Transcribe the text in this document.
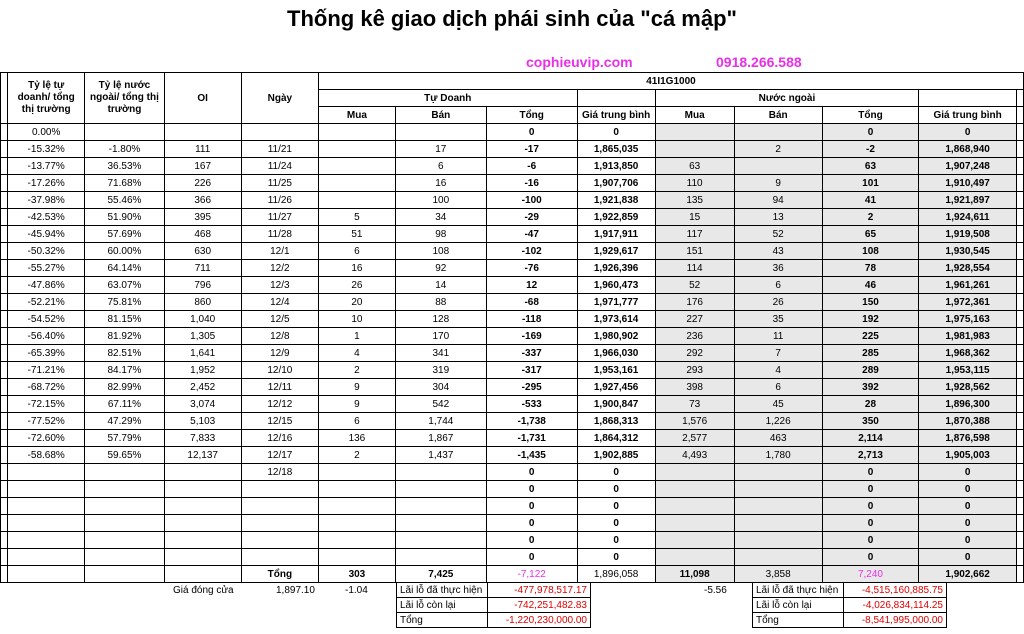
Thống kê giao dịch phái sinh của "cá mập"
cophieuvip.com	0918.266.588
	Tỷ lệ tự doanh/ tổng thị trường	Tỷ lệ nước ngoài/ tổng thị trường	OI	Ngày	41I1G1000								
					Tự Doanh				Nước ngoài				
					Mua	Bán	Tổng	Giá trung bình	Mua	Bán	Tổng	Giá trung bình	
	0.00%						0	0			0	0	
	-15.32%	-1.80%	111	11/21		17	-17	1,865,035		2	-2	1,868,940	
	-13.77%	36.53%	167	11/24		6	-6	1,913,850	63		63	1,907,248	
	-17.26%	71.68%	226	11/25		16	-16	1,907,706	110	9	101	1,910,497	
	-37.98%	55.46%	366	11/26		100	-100	1,921,838	135	94	41	1,921,897	
	-42.53%	51.90%	395	11/27	5	34	-29	1,922,859	15	13	2	1,924,611	
	-45.94%	57.69%	468	11/28	51	98	-47	1,917,911	117	52	65	1,919,508	
	-50.32%	60.00%	630	12/1	6	108	-102	1,929,617	151	43	108	1,930,545	
	-55.27%	64.14%	711	12/2	16	92	-76	1,926,396	114	36	78	1,928,554	
	-47.86%	63.07%	796	12/3	26	14	12	1,960,473	52	6	46	1,961,261	
	-52.21%	75.81%	860	12/4	20	88	-68	1,971,777	176	26	150	1,972,361	
	-54.52%	81.15%	1,040	12/5	10	128	-118	1,973,614	227	35	192	1,975,163	
	-56.40%	81.92%	1,305	12/8	1	170	-169	1,980,902	236	11	225	1,981,983	
	-65.39%	82.51%	1,641	12/9	4	341	-337	1,966,030	292	7	285	1,968,362	
	-71.21%	84.17%	1,952	12/10	2	319	-317	1,953,161	293	4	289	1,953,115	
	-68.72%	82.99%	2,452	12/11	9	304	-295	1,927,456	398	6	392	1,928,562	
	-72.15%	67.11%	3,074	12/12	9	542	-533	1,900,847	73	45	28	1,896,300	
	-77.52%	47.29%	5,103	12/15	6	1,744	-1,738	1,868,313	1,576	1,226	350	1,870,388	
	-72.60%	57.79%	7,833	12/16	136	1,867	-1,731	1,864,312	2,577	463	2,114	1,876,598	
	-58.68%	59.65%	12,137	12/17	2	1,437	-1,435	1,902,885	4,493	1,780	2,713	1,905,003	
				12/18			0	0			0	0	
							0	0			0	0	
							0	0			0	0	
							0	0			0	0	
							0	0			0	0	
							0	0			0	0	
				Tổng	303	7,425	-7,122	1,896,058	11,098	3,858	7,240	1,902,662	
Giá đóng cửa	1,897.10	-1.04	-5.56
Lãi lỗ đã thực hiện	-477,978,517.17
Lãi lỗ còn lại	-742,251,482.83
Tổng	-1,220,230,000.00
Lãi lỗ đã thực hiện	-4,515,160,885.75
Lãi lỗ còn lại	-4,026,834,114.25
Tổng	-8,541,995,000.00
